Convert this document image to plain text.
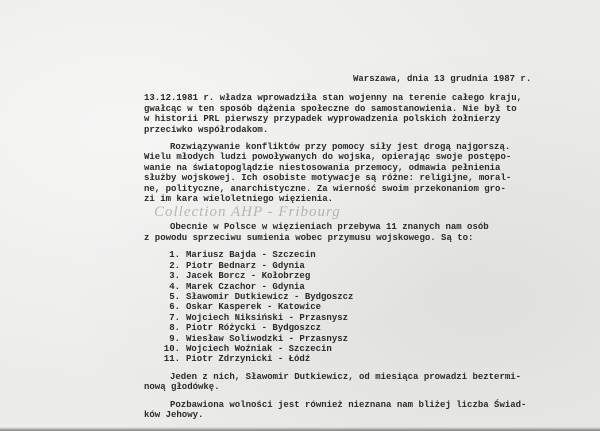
Warszawa, dnia 13 grudnia 1987 r.
13.12.1981 r. władza wprowadziła stan wojenny na terenie całego kraju,
gwałcąc w ten sposób dążenia społeczne do samostanowienia. Nie był to
w historii PRL pierwszy przypadek wyprowadzenia polskich żołnierzy
przeciwko współrodakom.
Rozwiązywanie konfliktów przy pomocy siły jest drogą najgorszą.
Wielu młodych ludzi powoływanych do wojska, opierając swoje postępo-
wanie na światopoglądzie niestosowania przemocy, odmawia pełnienia
służby wojskowej. Ich osobiste motywacje są różne: religijne, moral-
ne, polityczne, anarchistyczne. Za wierność swoim przekonaniom gro-
zi im kara wieloletniego więzienia.
Collection AHP - Fribourg
Obecnie w Polsce w więzieniach przebywa 11 znanych nam osób
z powodu sprzeciwu sumienia wobec przymusu wojskowego. Są to:
1. Mariusz Bajda - Szczecin
2. Piotr Bednarz - Gdynia
3. Jacek Borcz - Kołobrzeg
4. Marek Czachor - Gdynia
5. Sławomir Dutkiewicz - Bydgoszcz
6. Oskar Kasperek - Katowice
7. Wojciech Niksiński - Przasnysz
8. Piotr Różycki - Bydgoszcz
9. Wiesław Soliwodzki - Przasnysz
10. Wojciech Woźniak - Szczecin
11. Piotr Zdrzynicki - Łódź
Jeden z nich, Sławomir Dutkiewicz, od miesiąca prowadzi beztermi-
nową głodówkę.
Pozbawiona wolności jest również nieznana nam bliżej liczba Świad-
ków Jehowy.
